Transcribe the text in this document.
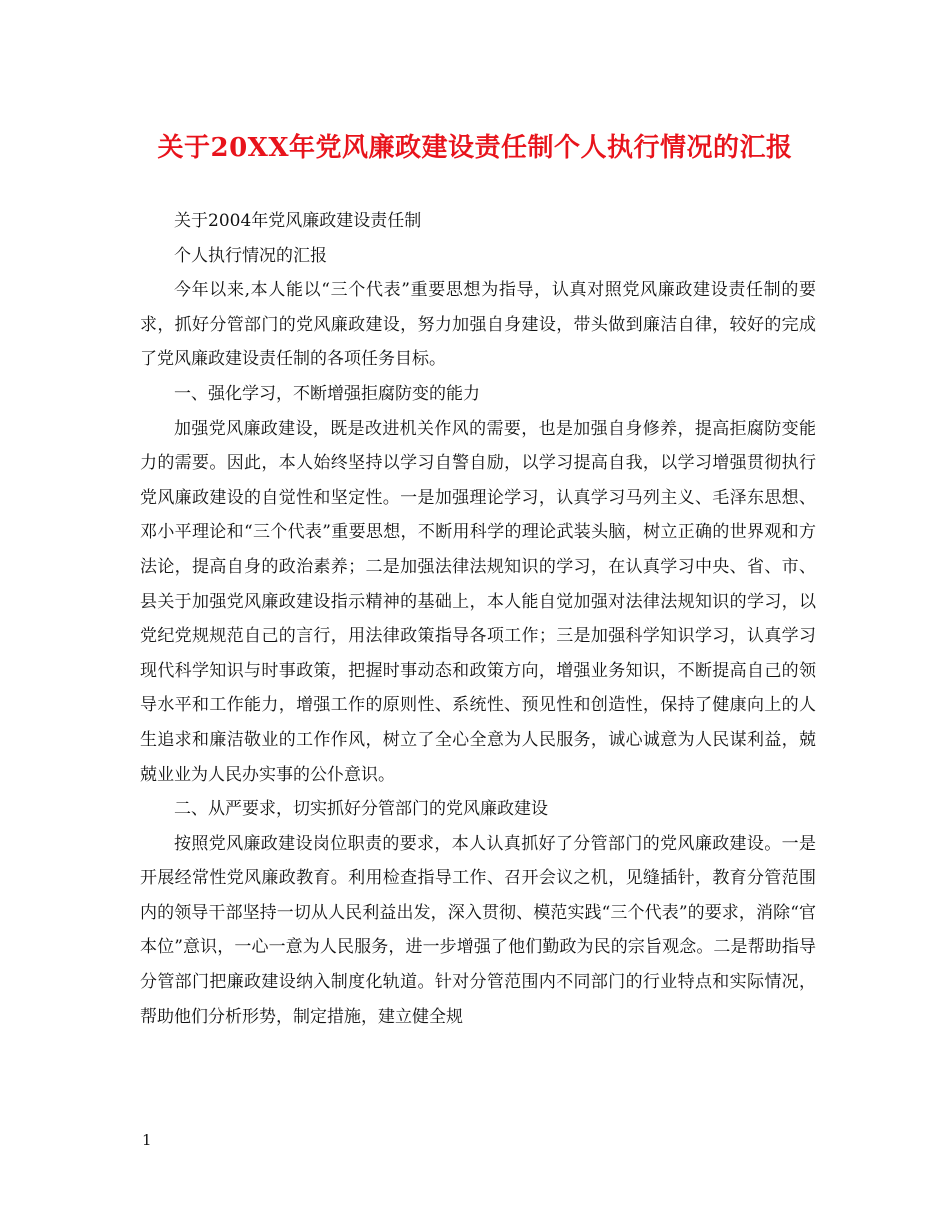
关于20XX年党风廉政建设责任制个人执行情况的汇报

关于2004年党风廉政建设责任制

个人执行情况的汇报

今年以来,本人能以“三个代表”重要思想为指导，认真对照党风廉政建设责任制的要求，抓好分管部门的党风廉政建设，努力加强自身建设，带头做到廉洁自律，较好的完成了党风廉政建设责任制的各项任务目标。

一、强化学习，不断增强拒腐防变的能力

加强党风廉政建设，既是改进机关作风的需要，也是加强自身修养，提高拒腐防变能力的需要。因此，本人始终坚持以学习自警自励，以学习提高自我，以学习增强贯彻执行党风廉政建设的自觉性和坚定性。一是加强理论学习，认真学习马列主义、毛泽东思想、邓小平理论和“三个代表”重要思想，不断用科学的理论武装头脑，树立正确的世界观和方法论，提高自身的政治素养；二是加强法律法规知识的学习，在认真学习中央、省、市、县关于加强党风廉政建设指示精神的基础上，本人能自觉加强对法律法规知识的学习，以党纪党规规范自己的言行，用法律政策指导各项工作；三是加强科学知识学习，认真学习现代科学知识与时事政策，把握时事动态和政策方向，增强业务知识，不断提高自己的领导水平和工作能力，增强工作的原则性、系统性、预见性和创造性，保持了健康向上的人生追求和廉洁敬业的工作作风，树立了全心全意为人民服务，诚心诚意为人民谋利益，兢兢业业为人民办实事的公仆意识。

二、从严要求，切实抓好分管部门的党风廉政建设

按照党风廉政建设岗位职责的要求，本人认真抓好了分管部门的党风廉政建设。一是开展经常性党风廉政教育。利用检查指导工作、召开会议之机，见缝插针，教育分管范围内的领导干部坚持一切从人民利益出发，深入贯彻、模范实践“三个代表”的要求，消除“官本位”意识，一心一意为人民服务，进一步增强了他们勤政为民的宗旨观念。二是帮助指导分管部门把廉政建设纳入制度化轨道。针对分管范围内不同部门的行业特点和实际情况，帮助他们分析形势，制定措施，建立健全规

1
